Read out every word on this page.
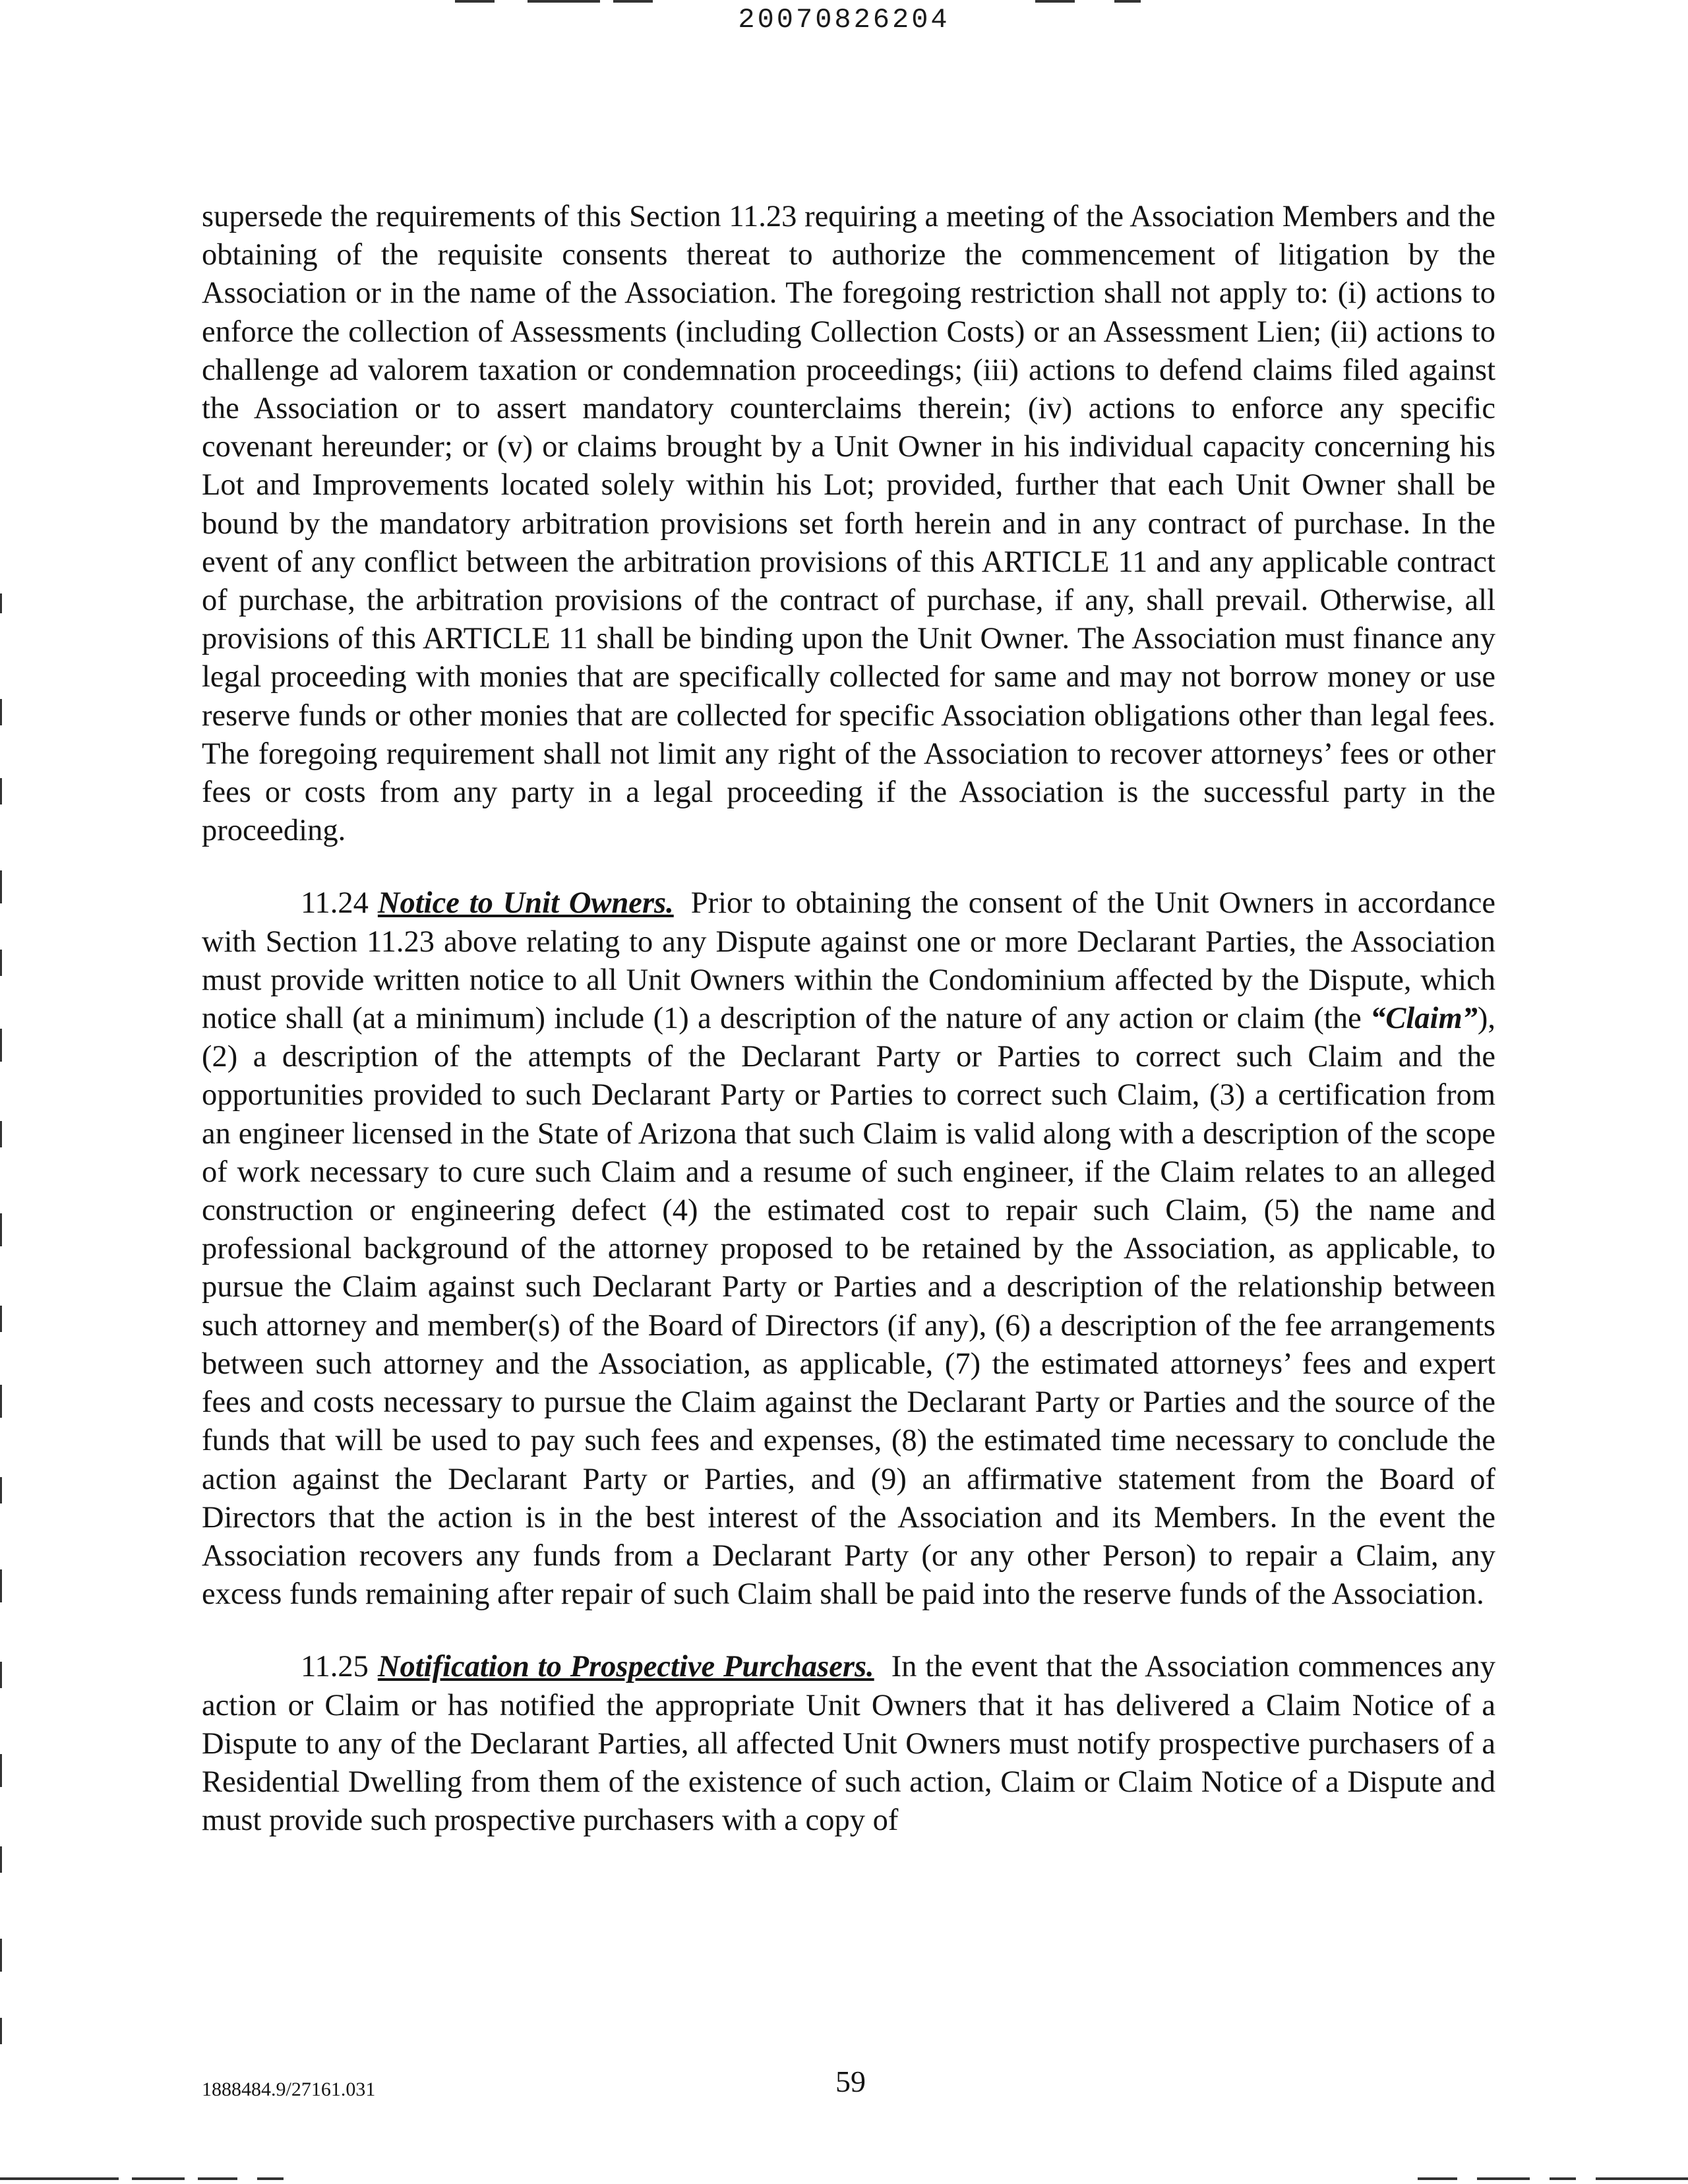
20070826204

supersede the requirements of this Section 11.23 requiring a meeting of the Association Members and the obtaining of the requisite consents thereat to authorize the commencement of litigation by the Association or in the name of the Association. The foregoing restriction shall not apply to: (i) actions to enforce the collection of Assessments (including Collection Costs) or an Assessment Lien; (ii) actions to challenge ad valorem taxation or condemnation proceedings; (iii) actions to defend claims filed against the Association or to assert mandatory counterclaims therein; (iv) actions to enforce any specific covenant hereunder; or (v) or claims brought by a Unit Owner in his individual capacity concerning his Lot and Improvements located solely within his Lot; provided, further that each Unit Owner shall be bound by the mandatory arbitration provisions set forth herein and in any contract of purchase. In the event of any conflict between the arbitration provisions of this ARTICLE 11 and any applicable contract of purchase, the arbitration provisions of the contract of purchase, if any, shall prevail. Otherwise, all provisions of this ARTICLE 11 shall be binding upon the Unit Owner. The Association must finance any legal proceeding with monies that are specifically collected for same and may not borrow money or use reserve funds or other monies that are collected for specific Association obligations other than legal fees. The foregoing requirement shall not limit any right of the Association to recover attorneys’ fees or other fees or costs from any party in a legal proceeding if the Association is the successful party in the proceeding.

11.24 Notice to Unit Owners. Prior to obtaining the consent of the Unit Owners in accordance with Section 11.23 above relating to any Dispute against one or more Declarant Parties, the Association must provide written notice to all Unit Owners within the Condominium affected by the Dispute, which notice shall (at a minimum) include (1) a description of the nature of any action or claim (the “Claim”), (2) a description of the attempts of the Declarant Party or Parties to correct such Claim and the opportunities provided to such Declarant Party or Parties to correct such Claim, (3) a certification from an engineer licensed in the State of Arizona that such Claim is valid along with a description of the scope of work necessary to cure such Claim and a resume of such engineer, if the Claim relates to an alleged construction or engineering defect (4) the estimated cost to repair such Claim, (5) the name and professional background of the attorney proposed to be retained by the Association, as applicable, to pursue the Claim against such Declarant Party or Parties and a description of the relationship between such attorney and member(s) of the Board of Directors (if any), (6) a description of the fee arrangements between such attorney and the Association, as applicable, (7) the estimated attorneys’ fees and expert fees and costs necessary to pursue the Claim against the Declarant Party or Parties and the source of the funds that will be used to pay such fees and expenses, (8) the estimated time necessary to conclude the action against the Declarant Party or Parties, and (9) an affirmative statement from the Board of Directors that the action is in the best interest of the Association and its Members. In the event the Association recovers any funds from a Declarant Party (or any other Person) to repair a Claim, any excess funds remaining after repair of such Claim shall be paid into the reserve funds of the Association.

11.25 Notification to Prospective Purchasers. In the event that the Association commences any action or Claim or has notified the appropriate Unit Owners that it has delivered a Claim Notice of a Dispute to any of the Declarant Parties, all affected Unit Owners must notify prospective purchasers of a Residential Dwelling from them of the existence of such action, Claim or Claim Notice of a Dispute and must provide such prospective purchasers with a copy of

1888484.9/27161.031	59
